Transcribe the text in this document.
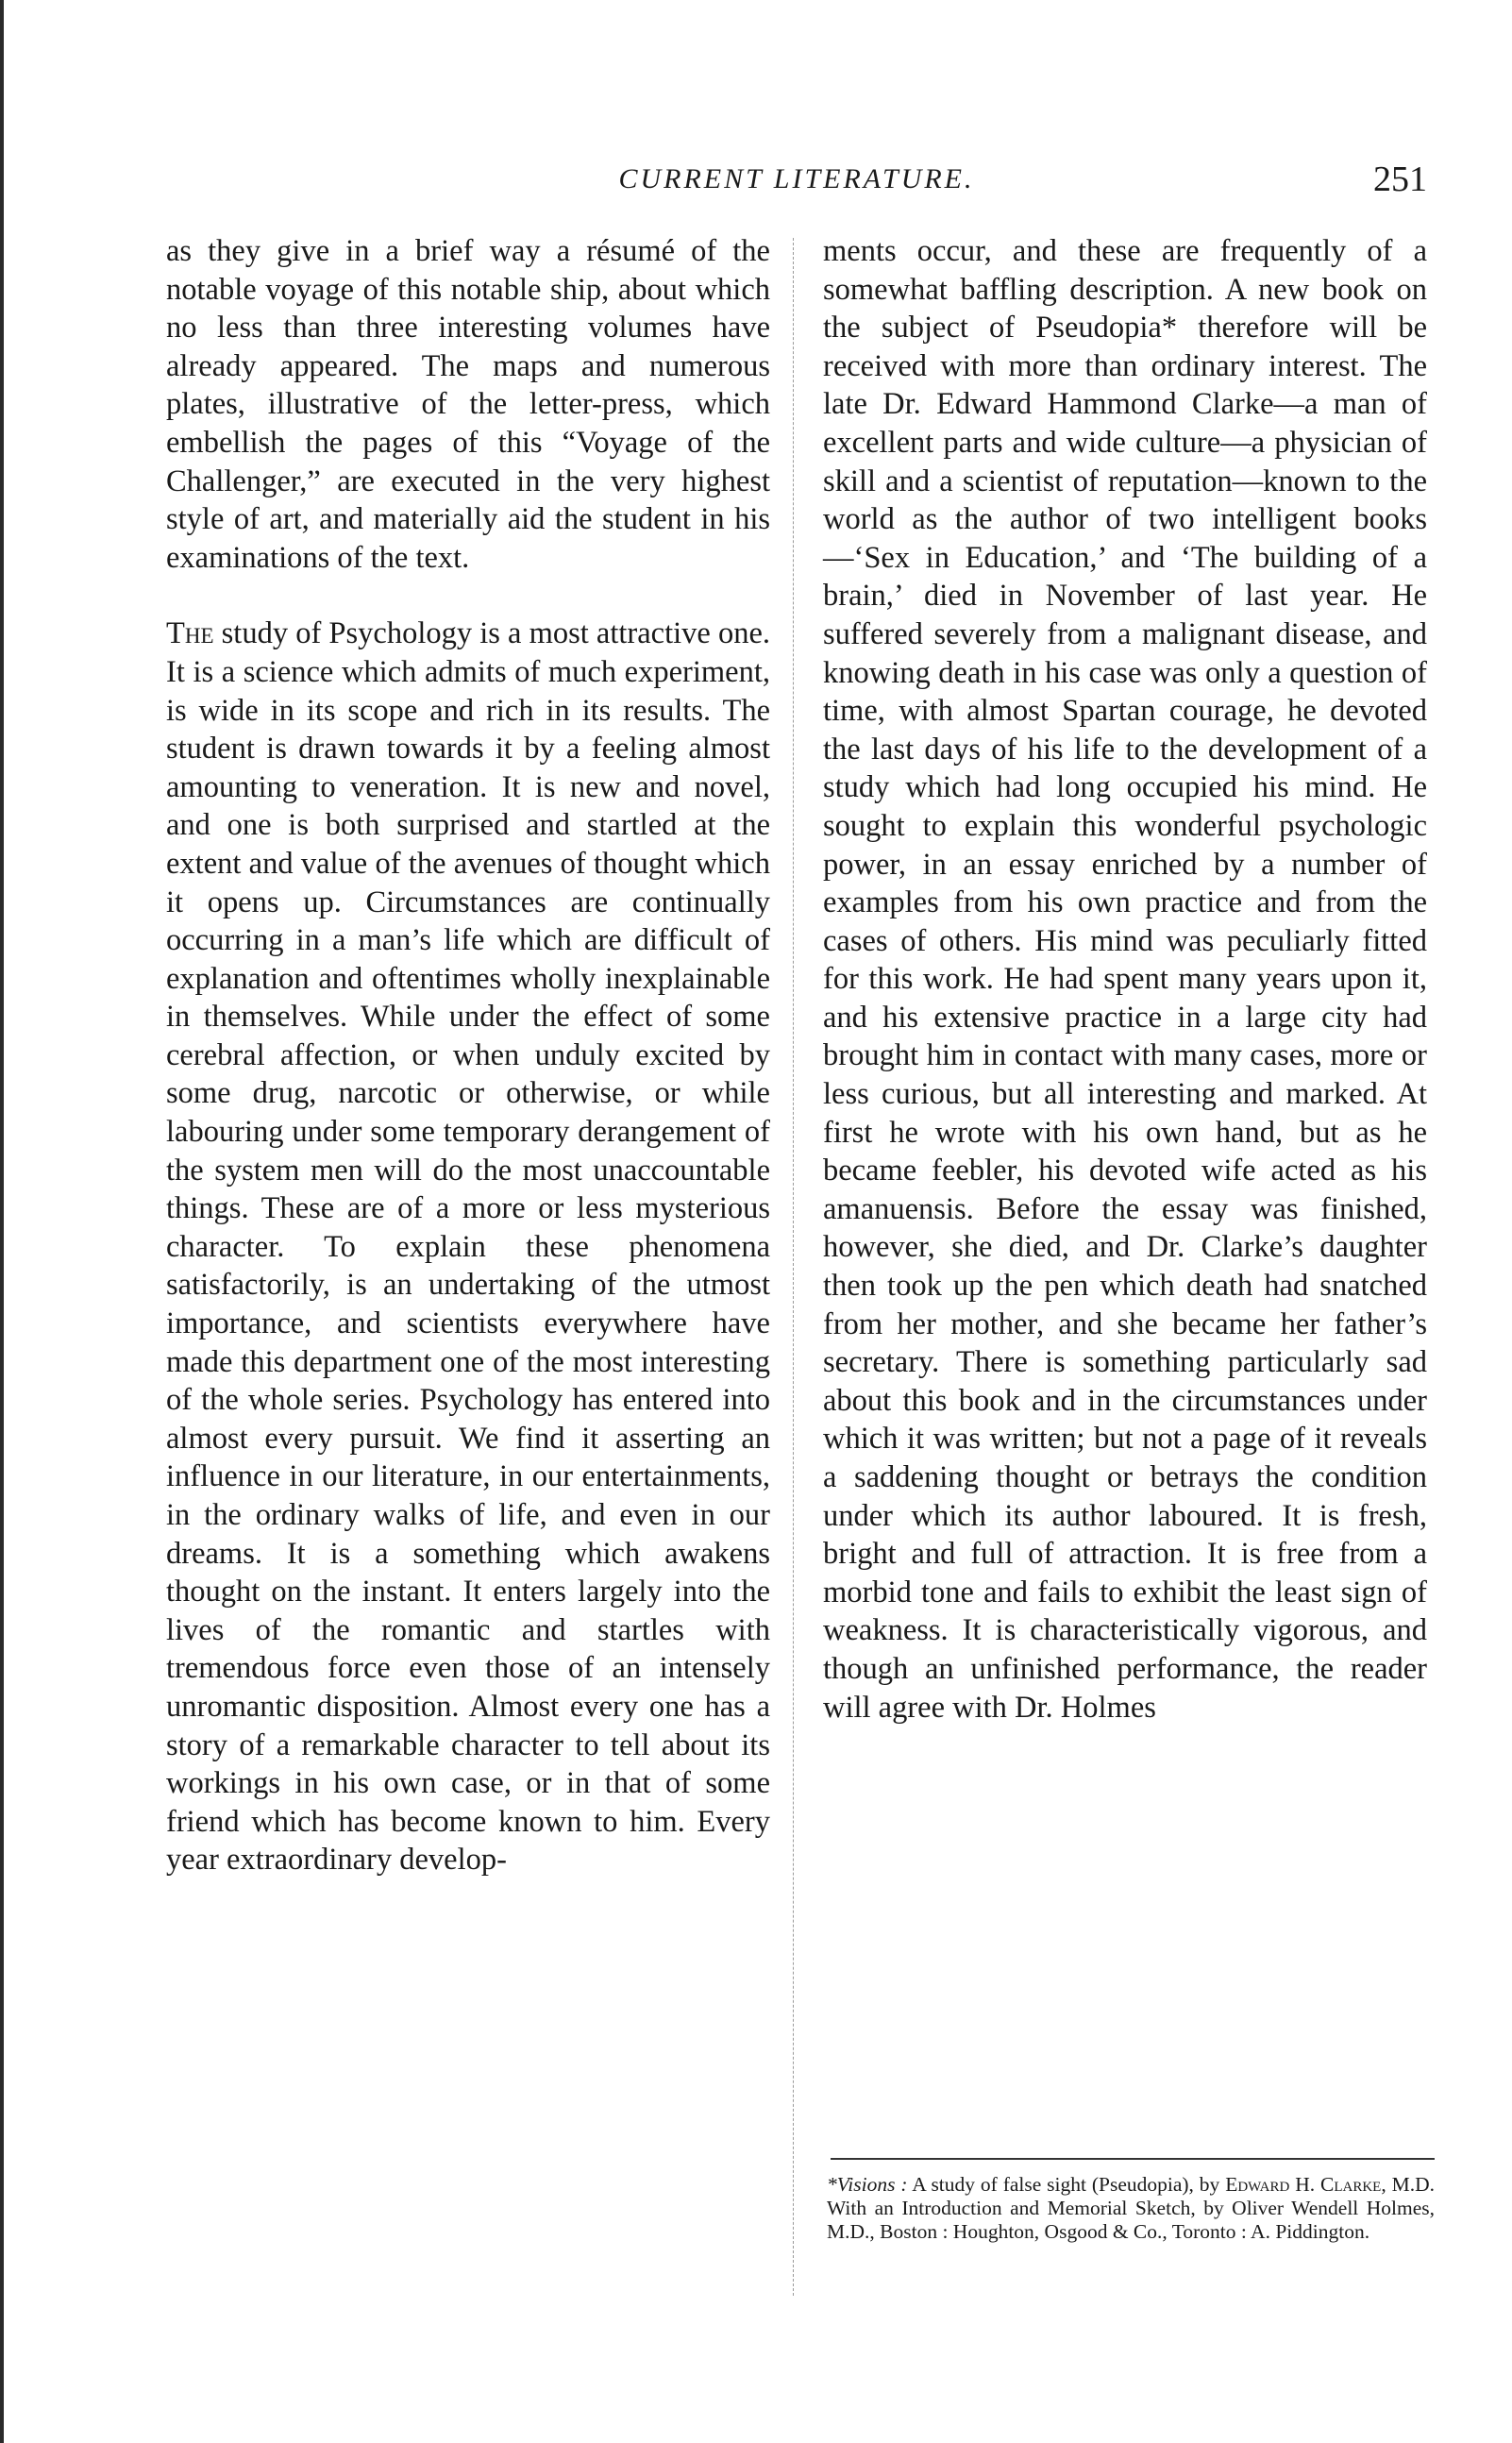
CURRENT LITERATURE.	251

as they give in a brief way a résumé of the notable voyage of this notable ship, about which no less than three interesting volumes have already appeared. The maps and numerous plates, illustrative of the letter-press, which embellish the pages of this “Voyage of the Challenger,” are executed in the very highest style of art, and materially aid the student in his examinations of the text.

The study of Psychology is a most attractive one. It is a science which admits of much experiment, is wide in its scope and rich in its results. The student is drawn towards it by a feeling almost amounting to veneration. It is new and novel, and one is both surprised and startled at the extent and value of the avenues of thought which it opens up. Circumstances are continually occurring in a man’s life which are difficult of explanation and oftentimes wholly inexplainable in themselves. While under the effect of some cerebral affection, or when unduly excited by some drug, narcotic or otherwise, or while labouring under some temporary derangement of the system men will do the most unaccountable things. These are of a more or less mysterious character. To explain these phenomena satisfactorily, is an undertaking of the utmost importance, and scientists everywhere have made this department one of the most interesting of the whole series. Psychology has entered into almost every pursuit. We find it asserting an influence in our literature, in our entertainments, in the ordinary walks of life, and even in our dreams. It is a something which awakens thought on the instant. It enters largely into the lives of the romantic and startles with tremendous force even those of an intensely unromantic disposition. Almost every one has a story of a remarkable character to tell about its workings in his own case, or in that of some friend which has become known to him. Every year extraordinary develop-

ments occur, and these are frequently of a somewhat baffling description. A new book on the subject of Pseudopia* therefore will be received with more than ordinary interest. The late Dr. Edward Hammond Clarke—a man of excellent parts and wide culture—a physician of skill and a scientist of reputation—known to the world as the author of two intelligent books—‘Sex in Education,’ and ‘The building of a brain,’ died in November of last year. He suffered severely from a malignant disease, and knowing death in his case was only a question of time, with almost Spartan courage, he devoted the last days of his life to the development of a study which had long occupied his mind. He sought to explain this wonderful psychologic power, in an essay enriched by a number of examples from his own practice and from the cases of others. His mind was peculiarly fitted for this work. He had spent many years upon it, and his extensive practice in a large city had brought him in contact with many cases, more or less curious, but all interesting and marked. At first he wrote with his own hand, but as he became feebler, his devoted wife acted as his amanuensis. Before the essay was finished, however, she died, and Dr. Clarke’s daughter then took up the pen which death had snatched from her mother, and she became her father’s secretary. There is something particularly sad about this book and in the circumstances under which it was written; but not a page of it reveals a saddening thought or betrays the condition under which its author laboured. It is fresh, bright and full of attraction. It is free from a morbid tone and fails to exhibit the least sign of weakness. It is characteristically vigorous, and though an unfinished performance, the reader will agree with Dr. Holmes

*Visions : A study of false sight (Pseudopia), by Edward H. Clarke, M.D. With an Introduction and Memorial Sketch, by Oliver Wendell Holmes, M.D., Boston : Houghton, Osgood & Co., Toronto : A. Piddington.
